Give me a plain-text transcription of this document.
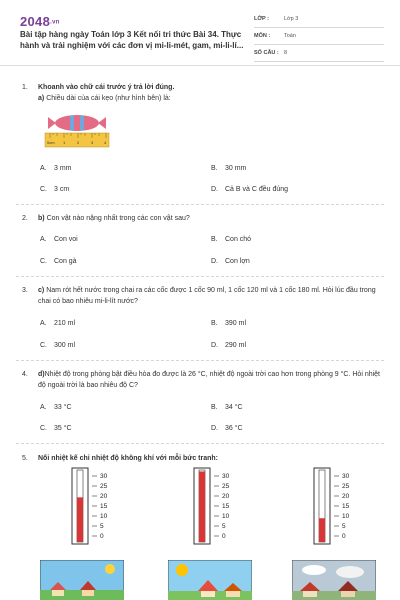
2048.vn
Bài tập hàng ngày Toán lớp 3 Kết nối tri thức Bài 34. Thực hành và trải nghiệm với các đơn vị mi-li-mét, gam, mi-li-lí...
LỚP :	Lớp 3
MÔN :	Toán
SỐ CÂU : 8
1. Khoanh vào chữ cái trước ý trả lời đúng.
a) Chiều dài của cái kẹo (như hình bên) là:
0cm 1	2	3	4
A. 3 mm	B. 30 mm
C. 3 cm	D. Cả B và C đều đúng
2. b) Con vật nào nặng nhất trong các con vật sau?
A. Con voi	B. Con chó
C. Con gà	D. Con lợn
3. c) Nam rót hết nước trong chai ra các cốc được 1 cốc 90 ml, 1 cốc 120 ml và 1 cốc 180 ml. Hỏi lúc đầu trong chai có bao nhiêu mi-li-lít nước?
A. 210 ml	B. 390 ml
C. 300 ml	D. 290 ml
4. d)Nhiệt độ trong phòng bật điều hòa đo được là 26 °C, nhiệt độ ngoài trời cao hơn trong phòng 9 °C. Hỏi nhiệt độ ngoài trời là bao nhiêu độ C?
A. 33 °C	B. 34 °C
C. 35 °C	D. 36 °C
5. Nối nhiệt kế chỉ nhiệt độ không khí với mỗi bức tranh:
30
25
20
15
10
5
0
30
25
20
15
10
5
0
30
25
20
15
10
5
0
